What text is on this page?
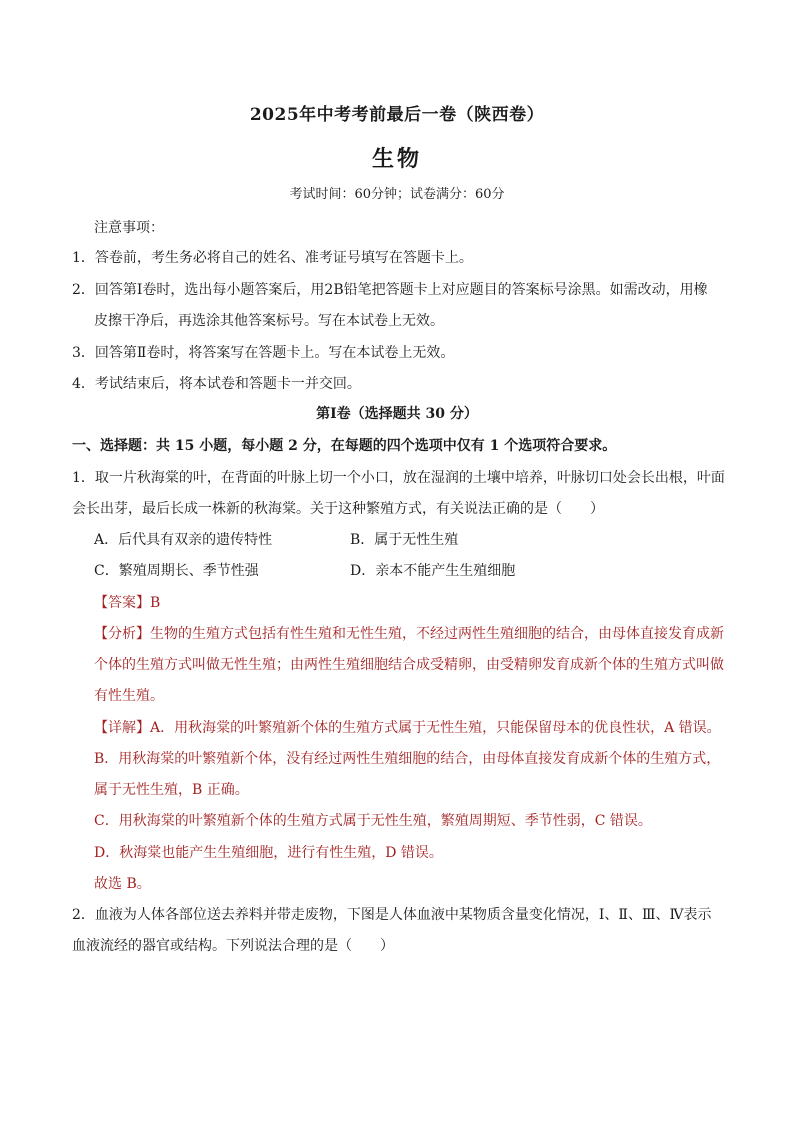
2025年中考考前最后一卷（陕西卷）
生物
考试时间：60分钟；试卷满分：60分
注意事项：
1．答卷前，考生务必将自己的姓名、准考证号填写在答题卡上。
2．回答第Ⅰ卷时，选出每小题答案后，用2B铅笔把答题卡上对应题目的答案标号涂黑。如需改动，用橡
皮擦干净后，再选涂其他答案标号。写在本试卷上无效。
3．回答第Ⅱ卷时，将答案写在答题卡上。写在本试卷上无效。
4．考试结束后，将本试卷和答题卡一并交回。
第Ⅰ卷（选择题共 30 分）
一、选择题：共 15 小题，每小题 2 分，在每题的四个选项中仅有 1 个选项符合要求。
1．取一片秋海棠的叶，在背面的叶脉上切一个小口，放在湿润的土壤中培养，叶脉切口处会长出根，叶面
会长出芽，最后长成一株新的秋海棠。关于这种繁殖方式，有关说法正确的是（　　）
A．后代具有双亲的遗传特性	B．属于无性生殖
C．繁殖周期长、季节性强	D．亲本不能产生生殖细胞
【答案】B
【分析】生物的生殖方式包括有性生殖和无性生殖，不经过两性生殖细胞的结合，由母体直接发育成新
个体的生殖方式叫做无性生殖；由两性生殖细胞结合成受精卵，由受精卵发育成新个体的生殖方式叫做
有性生殖。
【详解】A．用秋海棠的叶繁殖新个体的生殖方式属于无性生殖，只能保留母本的优良性状，A 错误。
B．用秋海棠的叶繁殖新个体，没有经过两性生殖细胞的结合，由母体直接发育成新个体的生殖方式，
属于无性生殖，B 正确。
C．用秋海棠的叶繁殖新个体的生殖方式属于无性生殖，繁殖周期短、季节性弱，C 错误。
D．秋海棠也能产生生殖细胞，进行有性生殖，D 错误。
故选 B。
2．血液为人体各部位送去养料并带走废物，下图是人体血液中某物质含量变化情况，Ⅰ、Ⅱ、Ⅲ、Ⅳ表示
血液流经的器官或结构。下列说法合理的是（　　）
